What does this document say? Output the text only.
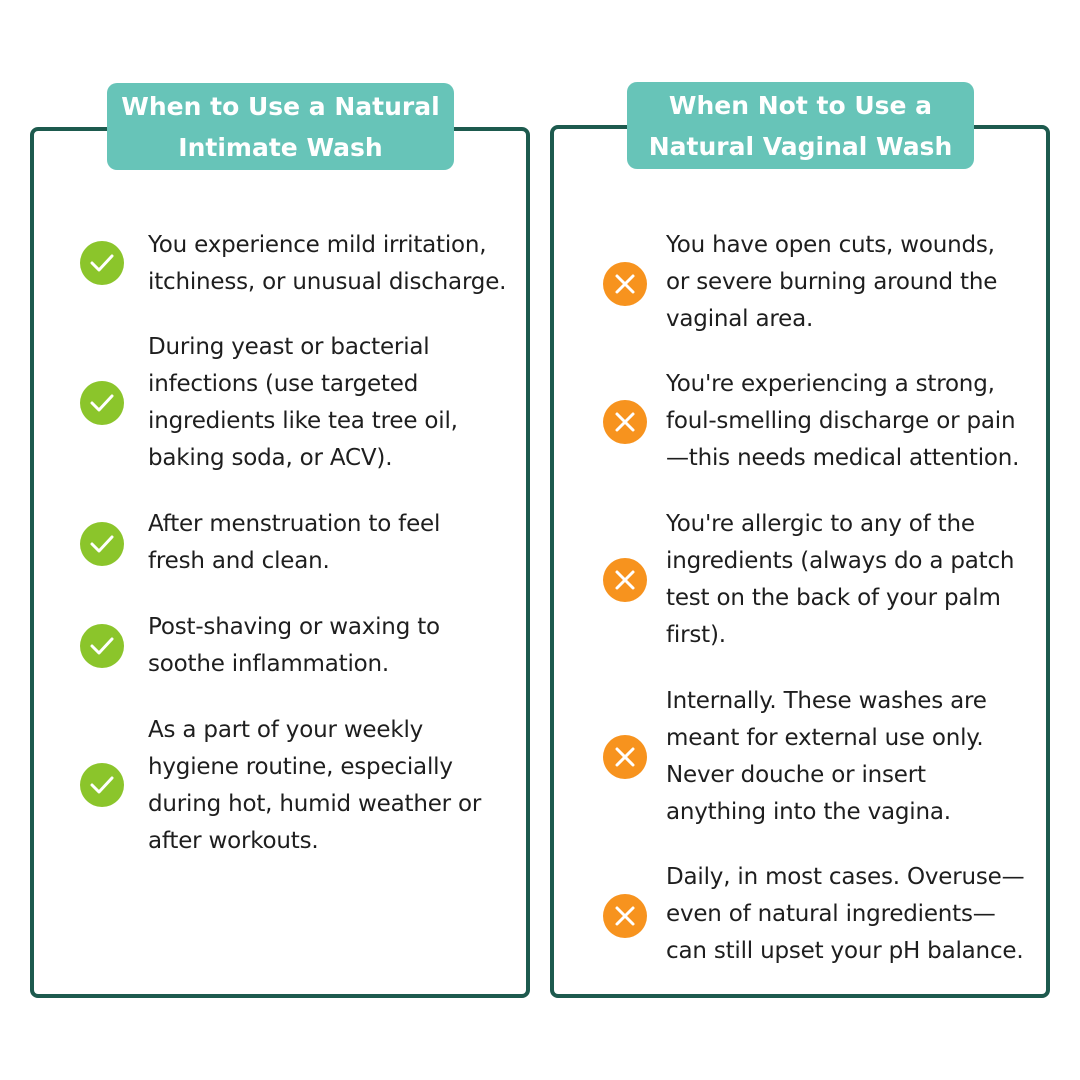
When to Use a Natural
Intimate Wash
You experience mild irritation,
itchiness, or unusual discharge.
During yeast or bacterial
infections (use targeted
ingredients like tea tree oil,
baking soda, or ACV).
After menstruation to feel
fresh and clean.
Post-shaving or waxing to
soothe inflammation.
As a part of your weekly
hygiene routine, especially
during hot, humid weather or
after workouts.
When Not to Use a
Natural Vaginal Wash
You have open cuts, wounds,
or severe burning around the
vaginal area.
You're experiencing a strong,
foul-smelling discharge or pain
—this needs medical attention.
You're allergic to any of the
ingredients (always do a patch
test on the back of your palm
first).
Internally. These washes are
meant for external use only.
Never douche or insert
anything into the vagina.
Daily, in most cases. Overuse—
even of natural ingredients—
can still upset your pH balance.
